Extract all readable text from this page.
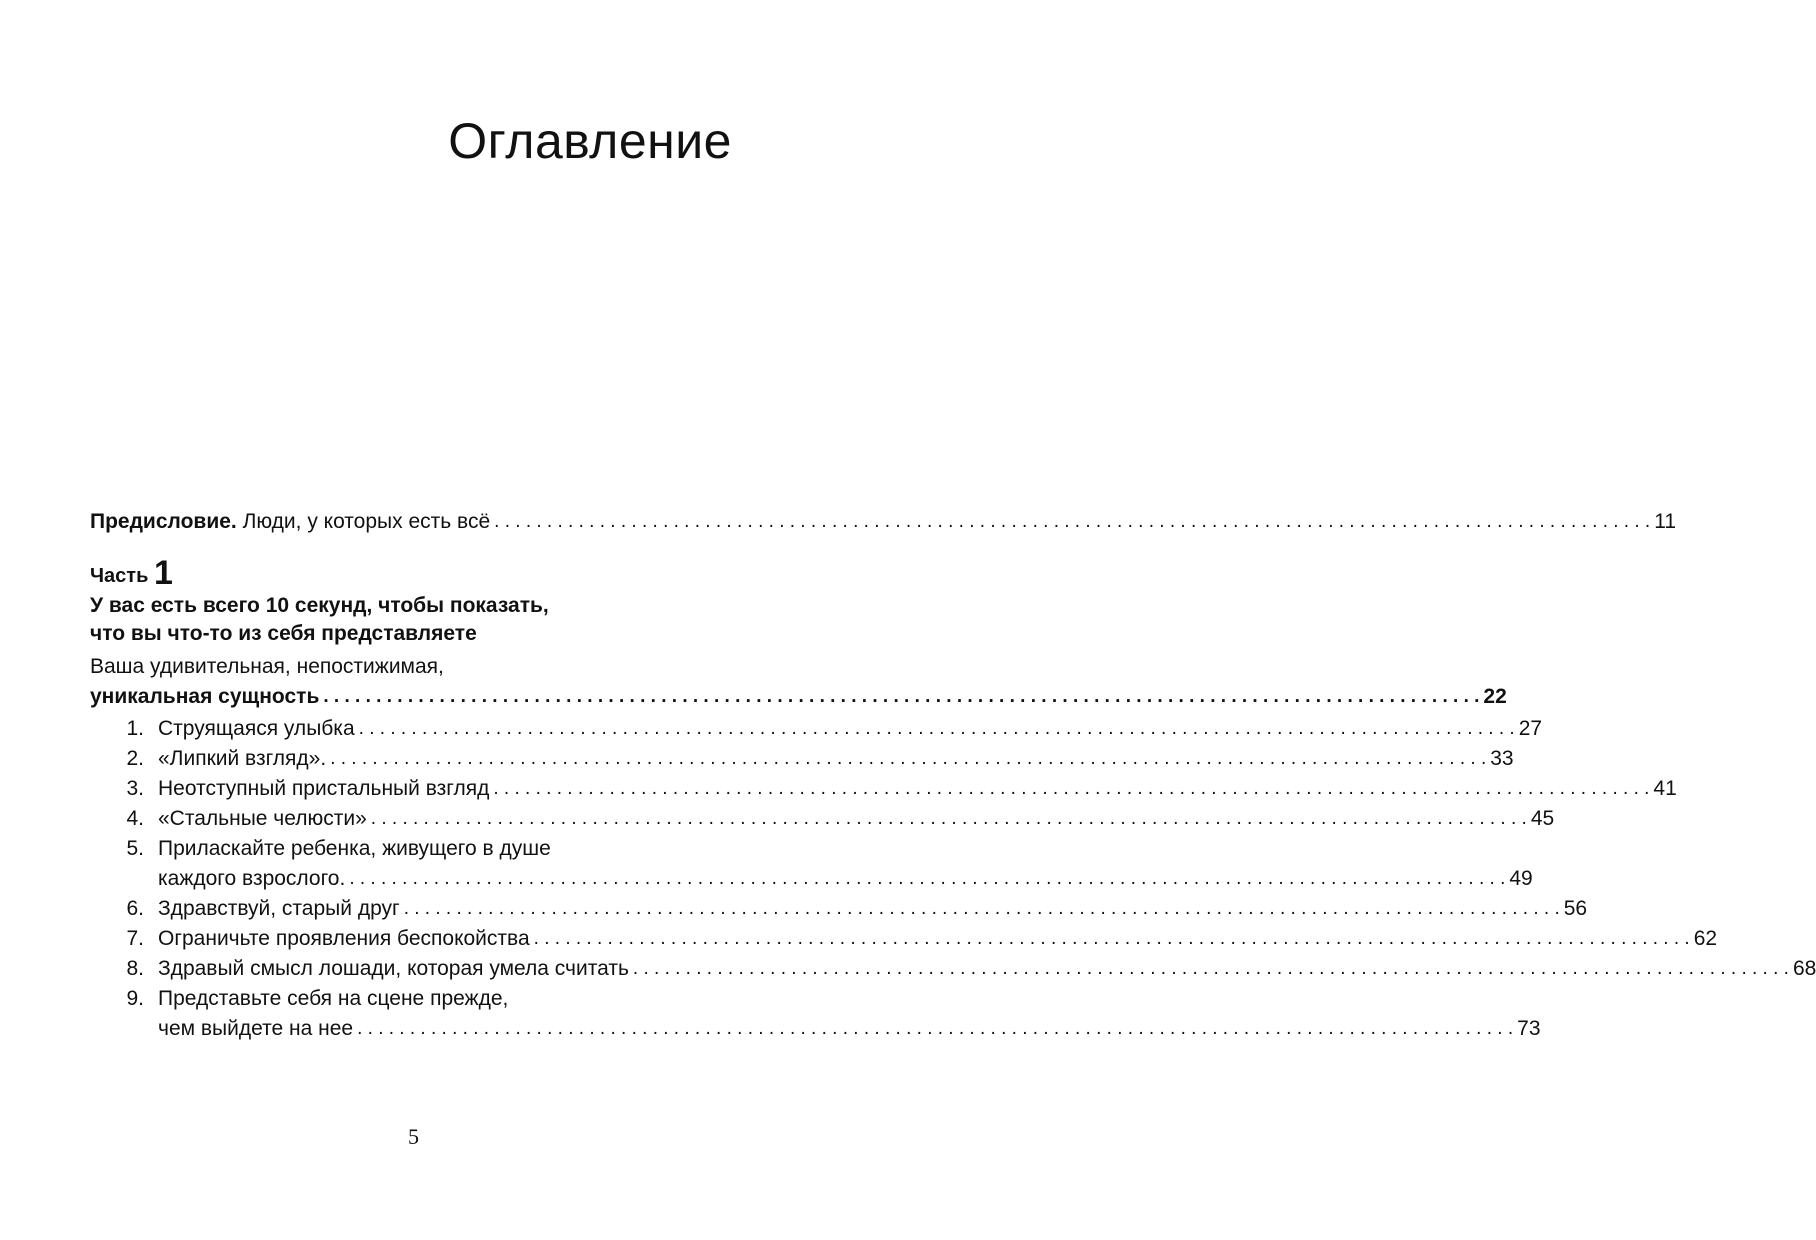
Оглавление
Предисловие. Люди, у которых есть всё . . .	11
Часть 1
У вас есть всего 10 секунд, чтобы показать,
что вы что-то из себя представляете
Ваша удивительная, непостижимая,
уникальная сущность . . .	22
1. Струящаяся улыбка . . .	27
2. «Липкий взгляд». . . .	33
3. Неотступный пристальный взгляд . . .	41
4. «Стальные челюсти» . . .	45
5. Приласкайте ребенка, живущего в душе
каждого взрослого. . . .	49
6. Здравствуй, старый друг . . .	56
7. Ограничьте проявления беспокойства . . .	62
8. Здравый смысл лошади, которая умела считать . . .	68
9. Представьте себя на сцене прежде,
чем выйдете на нее . . .	73
5
